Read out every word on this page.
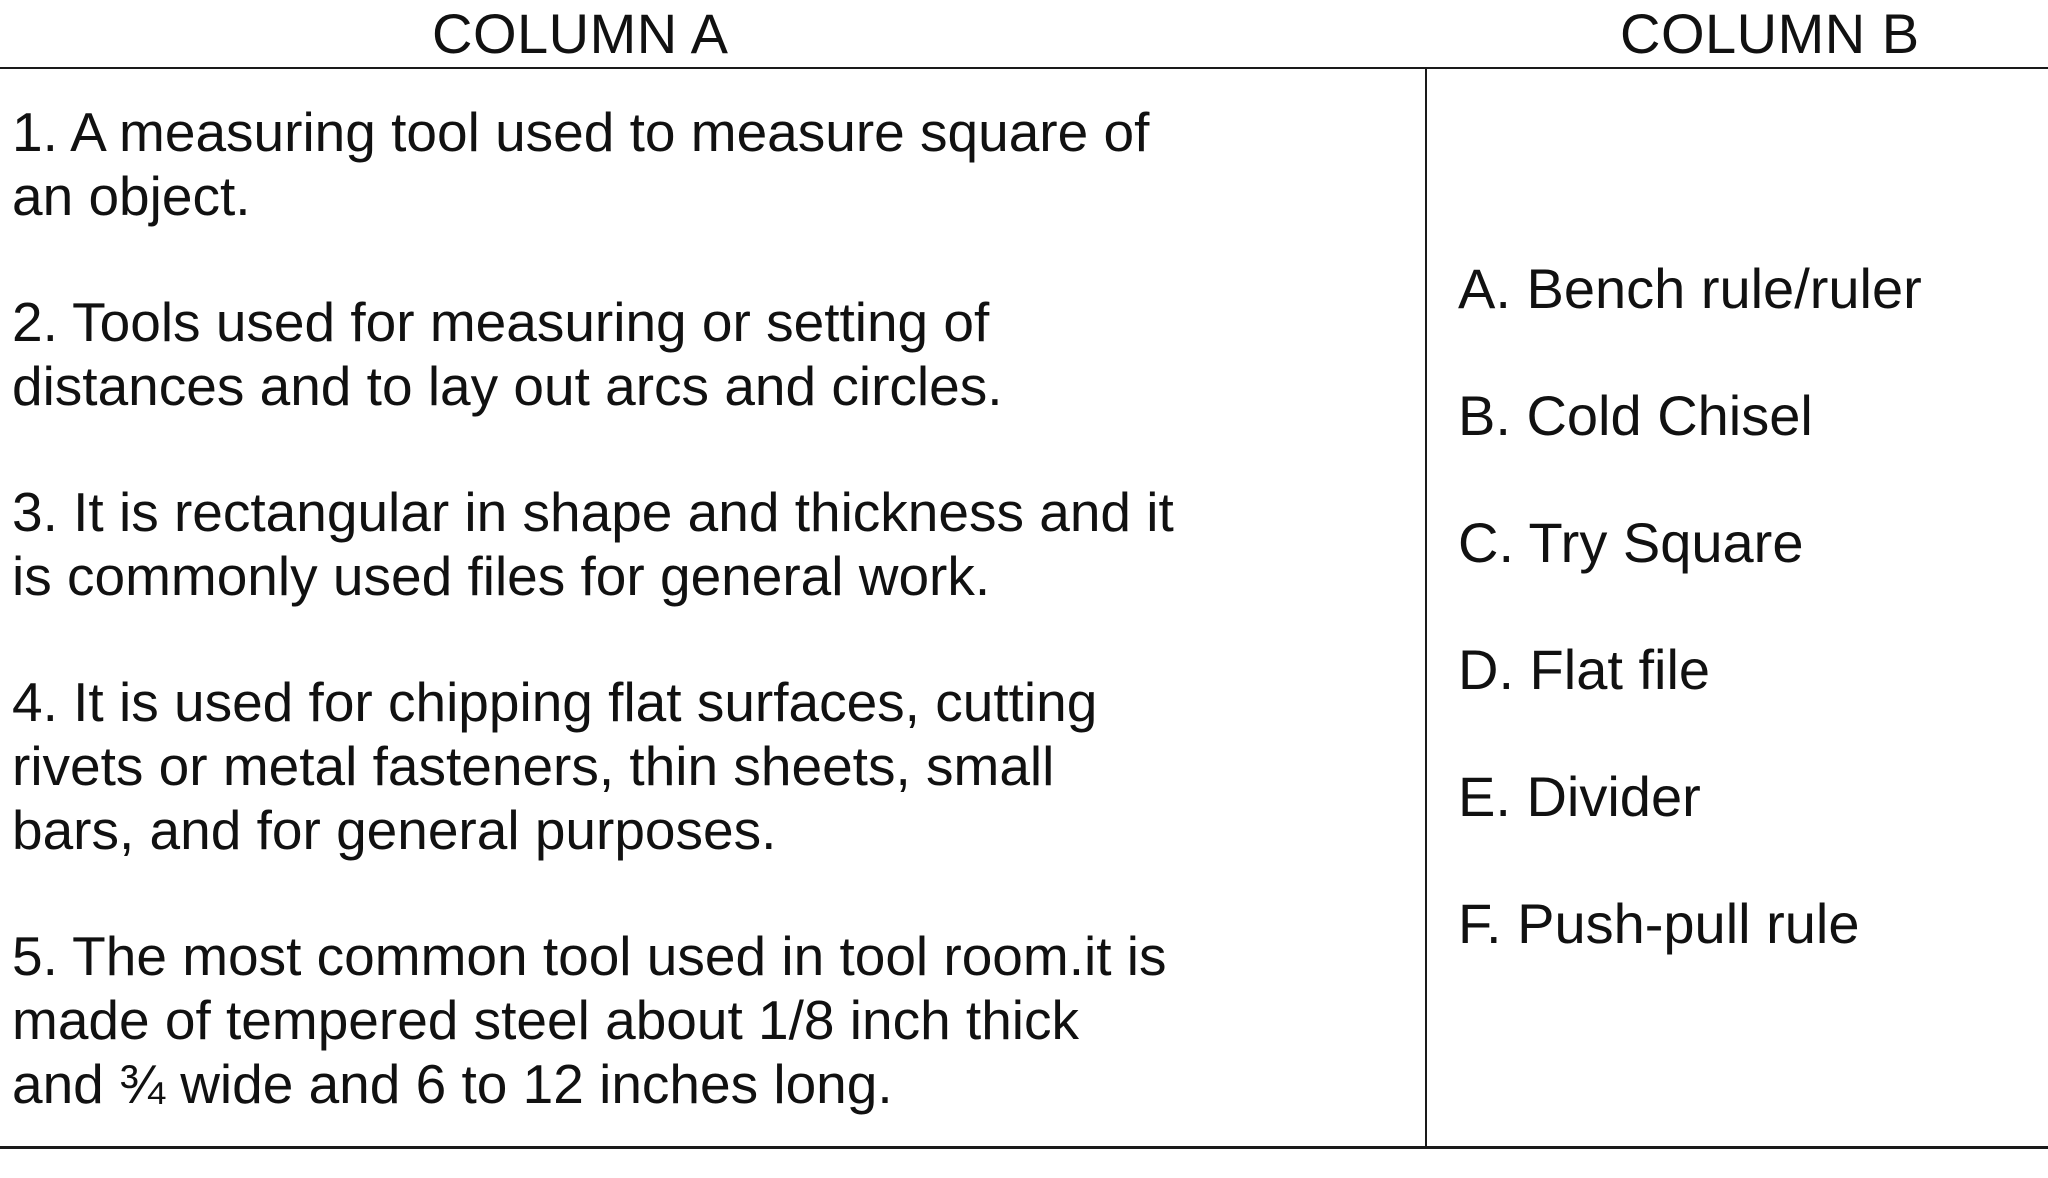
COLUMN A	COLUMN B
1. A measuring tool used to measure square of
an object.
2. Tools used for measuring or setting of
distances and to lay out arcs and circles.
3. It is rectangular in shape and thickness and it
is commonly used files for general work.
4. It is used for chipping flat surfaces, cutting
rivets or metal fasteners, thin sheets, small
bars, and for general purposes.
5. The most common tool used in tool room.it is
made of tempered steel about 1/8 inch thick
and ¾ wide and 6 to 12 inches long.
A. Bench rule/ruler
B. Cold Chisel
C. Try Square
D. Flat file
E. Divider
F. Push-pull rule
